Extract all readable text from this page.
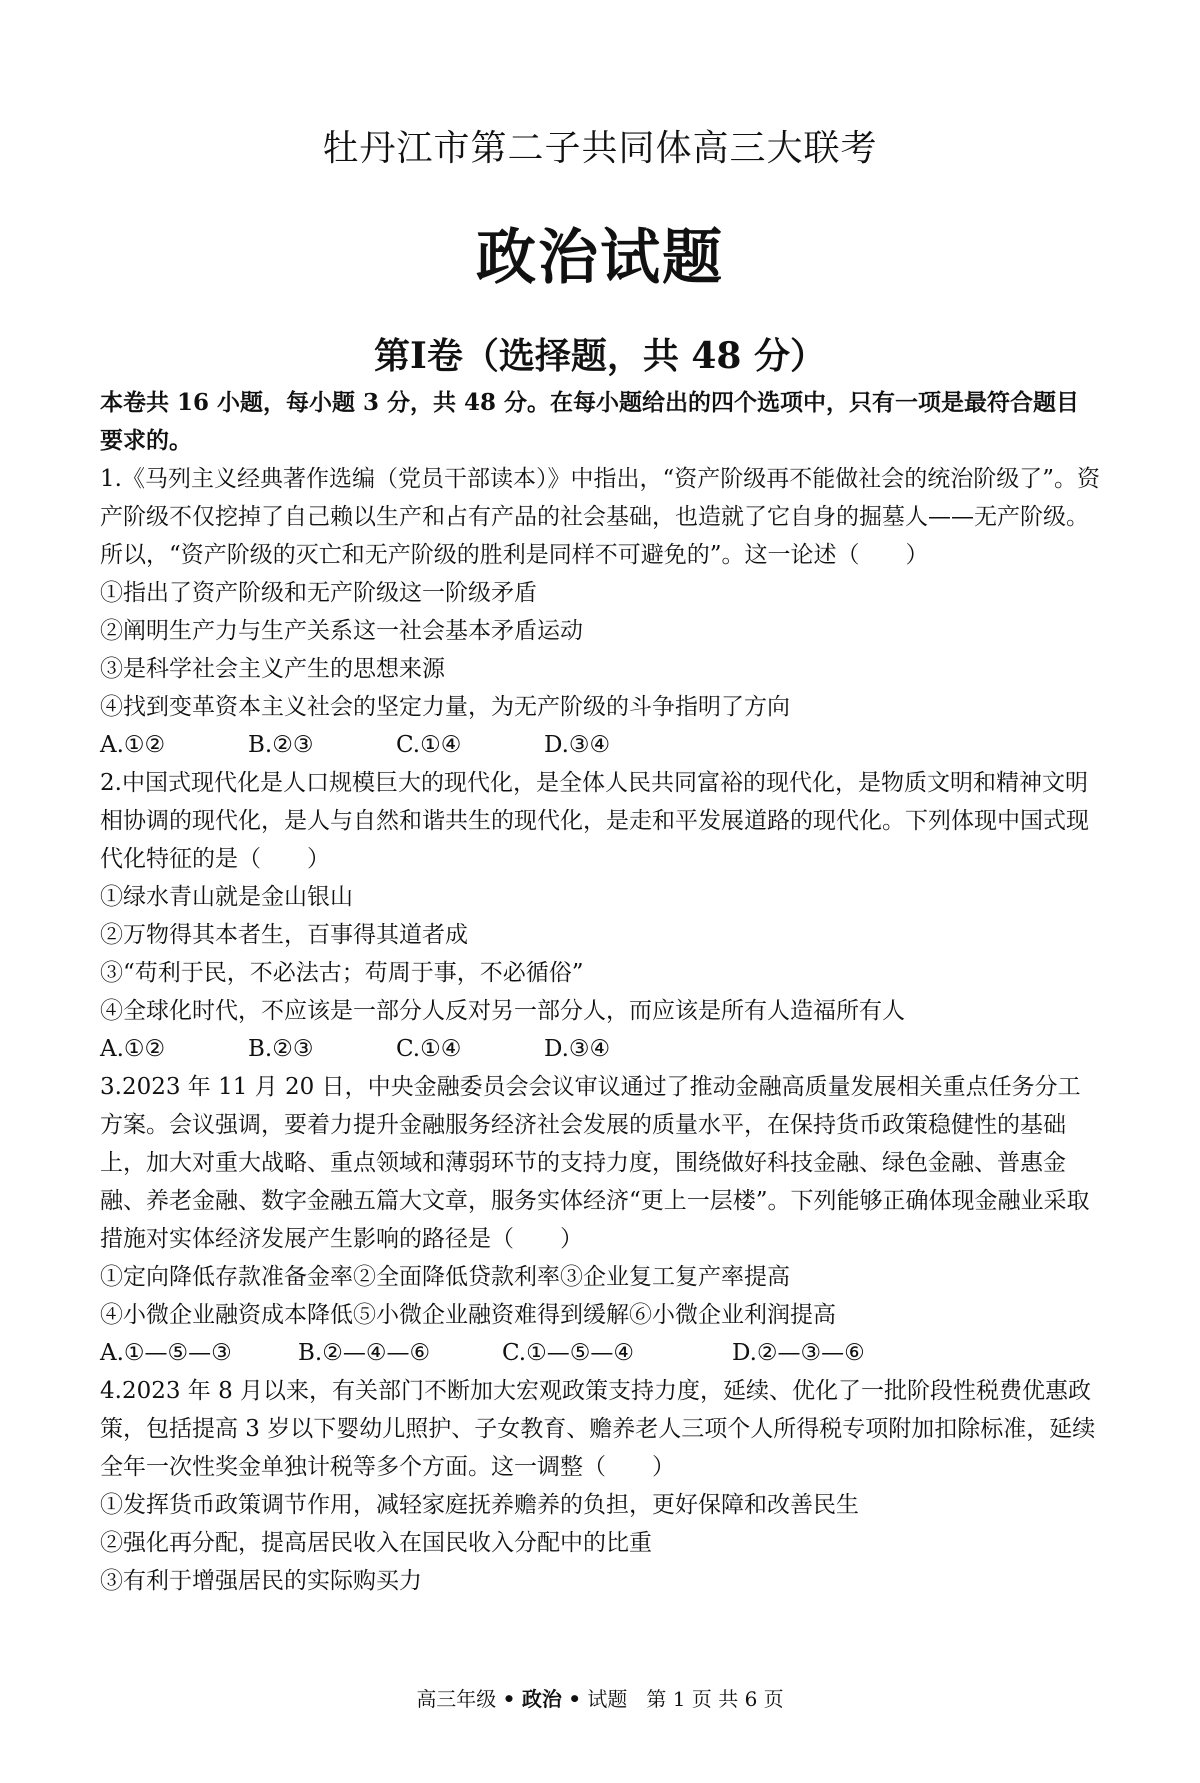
牡丹江市第二子共同体高三大联考
政治试题
第Ⅰ卷（选择题，共 48 分）
本卷共 16 小题，每小题 3 分，共 48 分。在每小题给出的四个选项中，只有一项是最符合题目要求的。
1.《马列主义经典著作选编（党员干部读本）》中指出，“资产阶级再不能做社会的统治阶级了”。资产阶级不仅挖掉了自己赖以生产和占有产品的社会基础，也造就了它自身的掘墓人——无产阶级。所以，“资产阶级的灭亡和无产阶级的胜利是同样不可避免的”。这一论述（　　）
①指出了资产阶级和无产阶级这一阶级矛盾
②阐明生产力与生产关系这一社会基本矛盾运动
③是科学社会主义产生的思想来源
④找到变革资本主义社会的坚定力量，为无产阶级的斗争指明了方向
A.①②	B.②③	C.①④	D.③④
2.中国式现代化是人口规模巨大的现代化，是全体人民共同富裕的现代化，是物质文明和精神文明相协调的现代化，是人与自然和谐共生的现代化，是走和平发展道路的现代化。下列体现中国式现代化特征的是（　　）
①绿水青山就是金山银山
②万物得其本者生，百事得其道者成
③“苟利于民，不必法古；苟周于事，不必循俗”
④全球化时代，不应该是一部分人反对另一部分人，而应该是所有人造福所有人
A.①②	B.②③	C.①④	D.③④
3.2023 年 11 月 20 日，中央金融委员会会议审议通过了推动金融高质量发展相关重点任务分工方案。会议强调，要着力提升金融服务经济社会发展的质量水平，在保持货币政策稳健性的基础上，加大对重大战略、重点领域和薄弱环节的支持力度，围绕做好科技金融、绿色金融、普惠金融、养老金融、数字金融五篇大文章，服务实体经济“更上一层楼”。下列能够正确体现金融业采取措施对实体经济发展产生影响的路径是（　　）
①定向降低存款准备金率②全面降低贷款利率③企业复工复产率提高
④小微企业融资成本降低⑤小微企业融资难得到缓解⑥小微企业利润提高
A.①—⑤—③	B.②—④—⑥	C.①—⑤—④	D.②—③—⑥
4.2023 年 8 月以来，有关部门不断加大宏观政策支持力度，延续、优化了一批阶段性税费优惠政策，包括提高 3 岁以下婴幼儿照护、子女教育、赡养老人三项个人所得税专项附加扣除标准，延续全年一次性奖金单独计税等多个方面。这一调整（　　）
①发挥货币政策调节作用，减轻家庭抚养赡养的负担，更好保障和改善民生
②强化再分配，提高居民收入在国民收入分配中的比重
③有利于增强居民的实际购买力
高三年级 • 政治 • 试题 第 1 页 共 6 页
